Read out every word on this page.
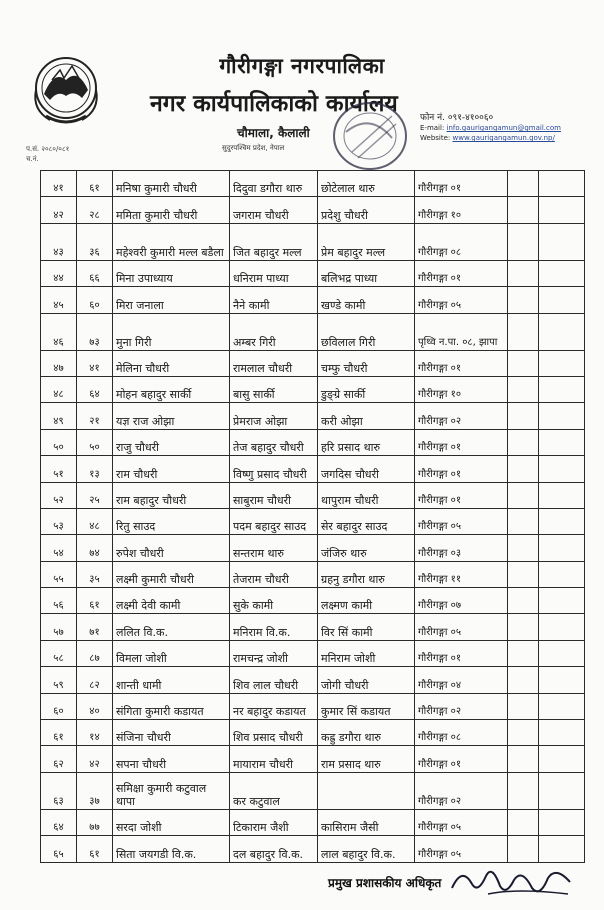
प.सं. २०८०/०८१
च.नं.
गौरीगङ्गा नगरपालिका
नगर कार्यपालिकाको कार्यालय
चौमाला, कैलाली
सुदुरपश्चिम प्रदेश, नेपाल
फोन नं. ०९१-४१००६०
E-mail: info.gaurigangamun@gmail.com
Website: www.gaurigangamun.gov.np/
४१	६१	मनिषा कुमारी चौधरी	दिदुवा डगौरा थारु	छोटेलाल थारु	गौरीगङ्गा ०१		
४२	२८	ममिता कुमारी चौधरी	जगराम चौधरी	प्रदेशु चौधरी	गौरीगङ्गा १०		
४३	३६	महेश्वरी कुमारी मल्ल बडैला	जित बहादुर मल्ल	प्रेम बहादुर मल्ल	गौरीगङ्गा ०८		
४४	६६	मिना उपाध्याय	धनिराम पाध्या	बलिभद्र पाध्या	गौरीगङ्गा ०१		
४५	६०	मिरा जनाला	नैने कामी	खण्डे कामी	गौरीगङ्गा ०५		
४६	७३	मुना गिरी	अम्बर गिरी	छविलाल गिरी	पृथ्वि न.पा. ०८, झापा		
४७	४१	मेलिना चौधरी	रामलाल चौधरी	चम्फु चौधरी	गौरीगङ्गा ०१		
४८	६४	मोहन बहादुर सार्की	बासु सार्की	डुङ्ग्रे सार्की	गौरीगङ्गा १०		
४९	२१	यज्ञ राज ओझा	प्रेमराज ओझा	करी ओझा	गौरीगङ्गा ०२		
५०	५०	राजु चौधरी	तेज बहादुर चौधरी	हरि प्रसाद थारु	गौरीगङ्गा ०१		
५१	१३	राम चौधरी	विष्णु प्रसाद चौधरी	जगदिस चौधरी	गौरीगङ्गा ०१		
५२	२५	राम बहादुर चौधरी	साबुराम चौधरी	थापुराम चौधरी	गौरीगङ्गा ०१		
५३	४८	रितु साउद	पदम बहादुर साउद	सेर बहादुर साउद	गौरीगङ्गा ०५		
५४	७४	रुपेश चौधरी	सन्तराम थारु	जंजिरु थारु	गौरीगङ्गा ०३		
५५	३५	लक्ष्मी कुमारी चौधरी	तेजराम चौधरी	ग्रहनु डगौरा थारु	गौरीगङ्गा ११		
५६	६१	लक्ष्मी देवी कामी	सुके कामी	लक्ष्मण कामी	गौरीगङ्गा ०७		
५७	७१	ललित वि.क.	मनिराम वि.क.	विर सिं कामी	गौरीगङ्गा ०५		
५८	८७	विमला जोशी	रामचन्द्र जोशी	मनिराम जोशी	गौरीगङ्गा ०१		
५९	८२	शान्ती धामी	शिव लाल चौधरी	जोगी चौधरी	गौरीगङ्गा ०४		
६०	४०	संगिता कुमारी कडायत	नर बहादुर कडायत	कुमार सिं कडायत	गौरीगङ्गा ०२		
६१	१४	संजिना चौधरी	शिव प्रसाद चौधरी	कह्रु डगौरा थारु	गौरीगङ्गा ०८		
६२	४२	सपना चौधरी	मायाराम चौधरी	राम प्रसाद थारु	गौरीगङ्गा ०१		
६३	३७	समिक्षा कुमारी कटुवाल थापा	कर कटुवाल		गौरीगङ्गा ०२		
६४	७७	सरदा जोशी	टिकाराम जैशी	कासिराम जैसी	गौरीगङ्गा ०५		
६५	६१	सिता जयगडी वि.क.	दल बहादुर वि.क.	लाल बहादुर वि.क.	गौरीगङ्गा ०५		
प्रमुख प्रशासकीय अधिकृत
